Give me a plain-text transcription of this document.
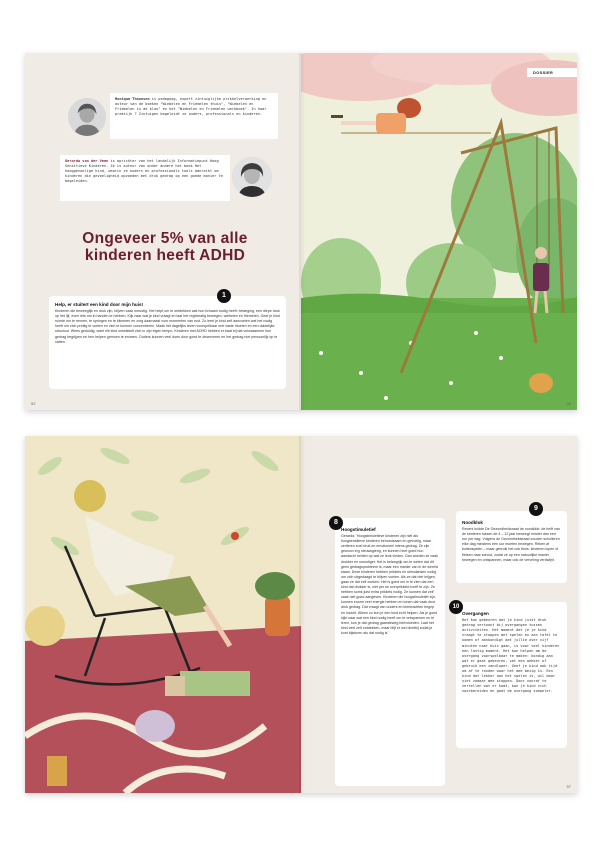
Monique Thoonsen is pedagoog, expert zintuiglijke prikkelverwerking en auteur van de boeken "Wiebelen en Friemelen thuis", "Wiebelen en Friemelen in de klas" en het "Wiebelen en Friemelen werkboek". In haar praktijk 7 Zintuigen begeleidt ze ouders, professionals en kinderen.
Gerarda van der Veen is oprichter van het landelijk Informatiepunt Hoog Sensitieve Kinderen. Ze is auteur van onder andere het boek Het hooggevoelige kind, waarin ze ouders en professionals tools aanreikt om kinderen die gevoeligheid opvoeden met druk gedrag op een goede manier te begeleiden.
Ongeveer 5% van alle kinderen heeft ADHD
Help, er stuitert een kind door mijn huis!
Kinderen die beweeglijk en druk zijn, blijven vaak onrustig. Het helpt om te ontdekken wat hun lichaam nodig heeft: beweging, een diepe druk op het lijf, even iets om in handen te hebben. Kijk naar wat je kind vraagt en laat het regelmatig bewegen, wiebelen en friemelen. Geef je kind ruimte om te rennen, te springen en te klimmen en zorg daarnaast voor momenten van rust. Zo leert je kind zelf aanvoelen wat het nodig heeft om zich prettig te voelen en zich te kunnen concentreren. Maak het dagelijks leven voorspelbaar met vaste rituelen en een duidelijke structuur. Wees geduldig, want elk kind ontwikkelt zich in zijn eigen tempo. Kinderen met ADHD hebben er baat bij dat volwassenen hun gedrag begrijpen en hen helpen grenzen te ervaren. Ouders kunnen veel doen door goed te observeren en het gedrag niet persoonlijk op te vatten.
1
92
DOSSIER
93
Hoogstimuletief
Gerarda: 'Hoogstimuletieve kinderen zijn niet als hoogsensitieve kinderen behoedzaam en gevoelig, maar verlieren snel druk en emotioneel intens gedrag. Ze zijn gewoon erg nieuwsgierig, en kunnen heel goed hun aandacht richten op wat ze leuk vinden. Dan worden ze vaak drukker en onrustiger. Het is belangrijk om te weten dat dit geen gedragsprobleem is, maar een manier van in de wereld staan. Deze kinderen hebben prikkels en stimulansen nodig om zich uitgedaagd te blijven voelen. Als ze dat niet krijgen, gaan ze dat zelf zoeken. Het is goed om in te zien dat een kind dat drukker is, niet per se overprikkeld hoeft te zijn. Ze hebben soms juist extra prikkels nodig. Ze kunnen dat zelf vaak niet goed aangeven. Kinderen die hoogstimuletief zijn, kunnen enorm veel energie hebben en tonen dat vaak door druk gedrag. Dat vraagt van ouders en leerkrachten begrip en inzicht. Alleen zo kun je een kind echt helpen. Als je goed kijkt naar wat een kind nodig heeft om te ontspannen en te leren, kun je dat gedrag gaandeweg beïnvloeden. Laat het kind veel zelf ontdekken, maar blijf er wel dichtbij zodat je kunt bijsturen als dat nodig is.'
8	Noodklok
Recent luidde De Gezondheidsraad de noodklok: de helft van de kinderen tussen de 4 – 12 jaar beweegt minder dan een uur per dag. Volgens de Gezondheidsraad zouden scholieren elke dag minstens een uur moeten bewegen. Reken af buitenspelen – maar gebruik het ook thuis: kinderen lopen of fietsen naar school, zodat ze op een natuurlijke manier bewegen en ontspannen, maar ook de verveling verdwijnt.
9
Overgangen
Het kan gebeuren dat je kind juist druk gedrag vertoont bij overgangen tussen activiteiten. Het moment dat je je kind vraagt te stoppen met spelen en aan tafel te komen of aankondigt dat jullie over vijf minuten naar huis gaan, is voor veel kinderen een lastig moment. Het kan helpen om de overgang voorspelbaar te maken: kondig aan wat er gaat gebeuren, zet een wekker of gebruik een zandloper. Geef je kind ook tijd om af te ronden waar het mee bezig is. Een kind dat lekker aan het spelen is, wil daar niet zomaar mee stoppen. Door vooraf te vertellen wat er komt, kan je kind zich voorbereiden en gaat de overgang soepeler.
10
97
